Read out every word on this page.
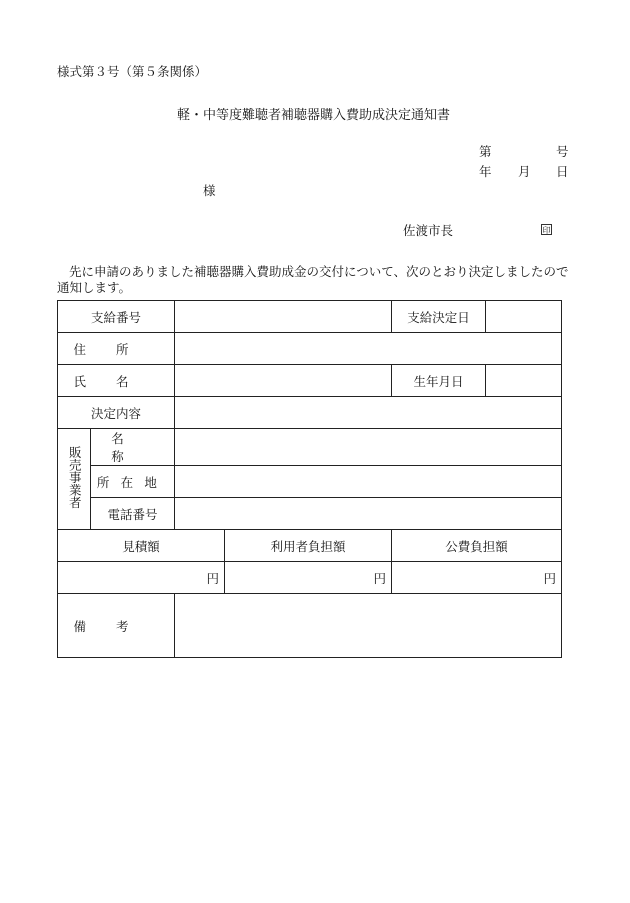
様式第３号（第５条関係）
軽・中等度難聴者補聴器購入費助成決定通知書
第	号
年 月 日
様
佐渡市長	印
先に申請のありました補聴器購入費助成金の交付について、次のとおり決定しましたので通知します。
支給番号				支給決定日	
住所					
氏名				生年月日	
決定内容					
販売事業者	名称				
	所在地				
	電話番号				
見積額			利用者負担額	公費負担額	
円			円	円	
備考					
